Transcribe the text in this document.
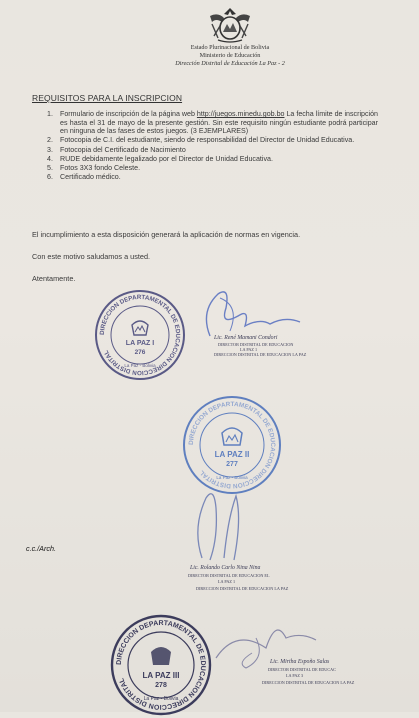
Estado Plurinacional de Bolivia
Ministerio de Educación
Dirección Distrital de Educación La Paz - 2
REQUISITOS PARA LA INSCRIPCION
1. Formulario de inscripción de la página web http://juegos.minedu.gob.bo La fecha límite de inscripción es hasta el 31 de mayo de la presente gestión. Sin este requisito ningún estudiante podrá participar en ninguna de las fases de estos juegos. (3 EJEMPLARES)
2. Fotocopia de C.I. del estudiante, siendo de responsabilidad del Director de Unidad Educativa.
3. Fotocopia del Certificado de Nacimiento
4. RUDE debidamente legalizado por el Director de Unidad Educativa.
5. Fotos 3X3 fondo Celeste.
6. Certificado médico.
El incumplimiento a esta disposición generará la aplicación de normas en vigencia.
Con este motivo saludamos a usted.
Atentamente.
DIRECCION DEPARTAMENTAL DE EDUCACION DIRECCION DISTRITAL
LA PAZ I
276
La Paz - Bolivia
Lic. René Mamani Condori
DIRECTOR DISTRITAL DE EDUCACION
LA PAZ 1
DIRECCION DISTRITAL DE EDUCACION LA PAZ
DIRECCION DEPARTAMENTAL DE EDUCACION DIRECCION DISTRITAL
LA PAZ II
277
La Paz - Bolivia
Lic. Rolando Carlo Nina Nina
DIRECTOR DISTRITAL DE EDUCACION EL
LA PAZ 1
DIRECCION DISTRITAL DE EDUCACION LA PAZ
c.c./Arch.
DIRECCION DEPARTAMENTAL DE EDUCACION DIRECCION DISTRITAL
LA PAZ III
278
La Paz - Bolivia
Lic. Mirtha Espoño Salas
DIRECTOR DISTRITAL DE EDUCAC
LA PAZ 3
DIRECCION DISTRITAL DE EDUCACION LA PAZ
